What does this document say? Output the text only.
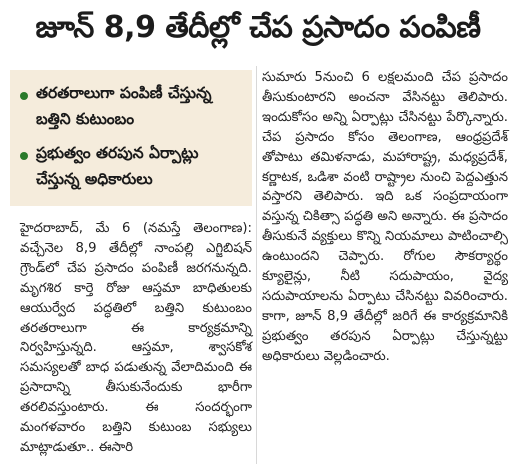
జూన్ 8,9 తేదీల్లో చేప ప్రసాదం పంపిణీ
తరతరాలుగా పంపిణీ చేస్తున్న బత్తిని కుటుంబం
ప్రభుత్వం తరపున ఏర్పాట్లు చేస్తున్న అధికారులు
హైదరాబాద్, మే 6 (నమస్తే తెలంగాణ): వచ్చేనెల 8,9 తేదీల్లో నాంపల్లి ఎగ్జిబిషన్ గ్రౌండ్‌లో చేప ప్రసాదం పంపిణీ జరగనున్నది. మృగశిర కార్తె రోజు ఆస్తమా బాధితులకు ఆయుర్వేద పద్ధతిలో బత్తిని కుటుంబం తరతరాలుగా ఈ కార్యక్రమాన్ని నిర్వహిస్తున్నది. ఆస్తమా, శ్వాసకోశ సమస్యలతో బాధ పడుతున్న వేలాదిమంది ఈ ప్రసాదాన్ని తీసుకునేందుకు భారీగా తరలివస్తుంటారు. ఈ సందర్భంగా మంగళవారం బత్తిని కుటుంబ సభ్యులు మాట్లాడుతూ.. ఈసారి
సుమారు 5నుంచి 6 లక్షలమంది చేప ప్రసాదం తీసుకుంటారని అంచనా వేసినట్టు తెలిపారు. ఇందుకోసం అన్ని ఏర్పాట్లు చేసినట్టు పేర్కొన్నారు. చేప ప్రసాదం కోసం తెలంగాణ, ఆంధ్రప్రదేశ్ తోపాటు తమిళనాడు, మహారాష్ట్ర, మధ్యప్రదేశ్, కర్ణాటక, ఒడిశా వంటి రాష్ట్రాల నుంచి పెద్దఎత్తున వస్తారని తెలిపారు. ఇది ఒక సంప్రదాయంగా వస్తున్న చికిత్సా పద్ధతి అని అన్నారు. ఈ ప్రసాదం తీసుకునే వ్యక్తులు కొన్ని నియమాలు పాటించాల్సి ఉంటుందని చెప్పారు. రోగుల సౌకర్యార్థం క్యూలైన్లు, నీటి సదుపాయం, వైద్య సదుపాయాలను ఏర్పాటు చేసినట్టు వివరించారు. కాగా, జూన్ 8,9 తేదీల్లో జరిగే ఈ కార్యక్రమానికి ప్రభుత్వం తరపున ఏర్పాట్లు చేస్తున్నట్టు అధికారులు వెల్లడించారు.
